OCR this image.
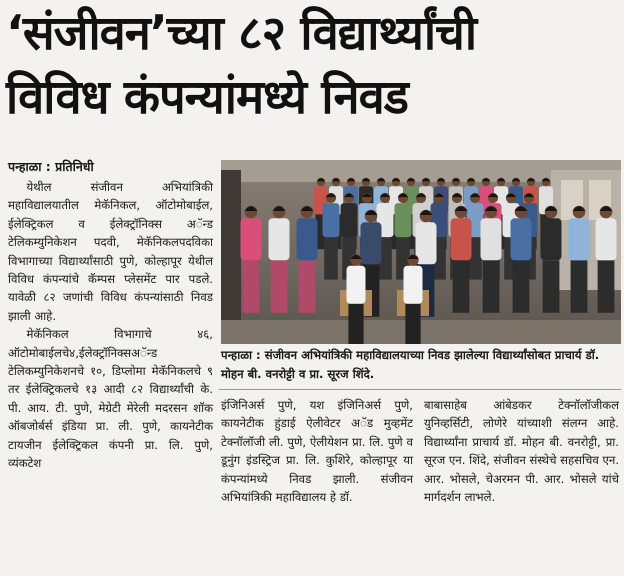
‘संजीवन’च्या ८२ विद्यार्थ्यांची
विविध कंपन्यांमध्ये निवड
पन्हाळा : प्रतिनिधी

येथील संजीवन अभियांत्रिकी महाविद्यालयातील मेकॅनिकल, ऑटोमोबाईल, ईलेक्ट्रिकल व ईलेक्ट्रॉनिक्स अॅन्ड टेलिकम्युनिकेशन पदवी, मेकॅनिकलपदविका विभागाच्या विद्यार्थ्यांसाठी पुणे, कोल्हापूर येथील विविध कंपन्यांचे कॅम्पस प्लेसमेंट पार पडले. यावेळी ८२ जणांची विविध कंपन्यांसाठी निवड झाली आहे.

मेकॅनिकल विभागाचे ४६, ऑटोमोबाईलचे४,ईलेक्ट्रॉनिक्सअॅन्ड टेलिकम्युनिकेशनचे १०, डिप्लोमा मेकॅनिकलचे ९ तर ईलेक्ट्रिकलचे १३ आदी ८२ विद्यार्थ्यांची के. पी. आय. टी. पुणे, मेग्रेटी मेरेली मदरसन शॉक ऑबजोर्बर्स इंडिया प्रा. ली. पुणे, कायनेटीक टायजीन ईलेक्ट्रिकल कंपनी प्रा. लि. पुणे, व्यंकटेश

पन्हाळा : संजीवन अभियांत्रिकी महाविद्यालयाच्या निवड झालेल्या विद्यार्थ्यांसोबत प्राचार्य डॉ. मोहन बी. वनरोट्टी व प्रा. सूरज शिंदे.

इंजिनिअर्स पुणे, यश इंजिनिअर्स पुणे, कायनेटीक हुंडाई ऐलीवेटर अॅड मुव्हमेंट टेक्नॉलॉजी ली. पुणे, ऐलीयेशन प्रा. लि. पुणे व डूनुंग इंडस्ट्रिज प्रा. लि. कुशिरे, कोल्हापूर या कंपन्यांमध्ये निवड झाली. संजीवन अभियांत्रिकी महाविद्यालय हे डॉ.

बाबासाहेब आंबेडकर टेक्नॉलॉजीकल युनिव्हर्सिटी, लोणेरे यांच्याशी संलग्न आहे. विद्यार्थ्यांना प्राचार्य डॉ. मोहन बी. वनरोट्टी, प्रा. सूरज एन. शिंदे, संजीवन संस्थेचे सहसचिव एन. आर. भोसले, चेअरमन पी. आर. भोसले यांचे मार्गदर्शन लाभले.
